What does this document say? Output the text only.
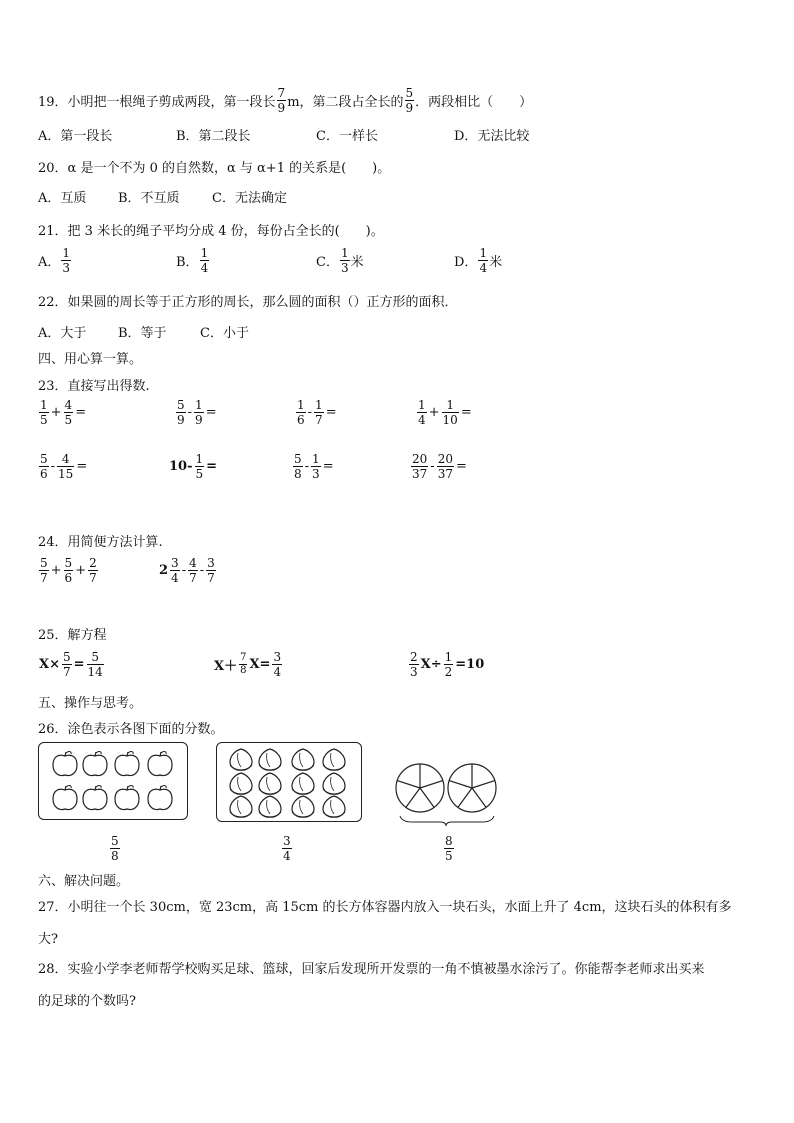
19．小明把一根绳子剪成两段，第一段长 $\frac{7}{9}$ m，第二段占全长的 $\frac{5}{9}$ ．两段相比（　　）
A．第一段长	B．第二段长	C．一样长	D．无法比较
20．α 是一个不为 0 的自然数，α 与 α+1 的关系是(　　)。
A．互质 B．不互质 C．无法确定
21．把 3 米长的绳子平均分成 4 份，每份占全长的(　　)。
A． $\frac{1}{3}$	B． $\frac{1}{4}$	C． $\frac{1}{3}$ 米	D． $\frac{1}{4}$ 米
22．如果圆的周长等于正方形的周长，那么圆的面积（）正方形的面积．
A．大于 B．等于	C．小于
四、用心算一算。
23．直接写出得数.
$\frac{1}{5} + \frac{4}{5}$ =	$\frac{5}{9} - \frac{1}{9}$ =	$\frac{1}{6} - \frac{1}{7}$ =	$\frac{1}{4} + \frac{1}{10}$ =
$\frac{5}{6} - \frac{4}{15}$ =	$10- \frac{1}{5}$ =	$\frac{5}{8} - \frac{1}{3}$ =	$\frac{20}{37} - \frac{20}{37}$ =
24．用简便方法计算.
$\frac{5}{7} + \frac{5}{6} + \frac{2}{7}$	$2 \frac{3}{4} - \frac{4}{7} - \frac{3}{7}$
25．解方程
$X\times \frac{5}{7} = \frac{5}{14}$	$X+ \frac{7}{8} X= \frac{3}{4}$	$\frac{2}{3} X\div \frac{1}{2} =10$
五、操作与思考。
26．涂色表示各图下面的分数。
$\frac{5}{8}$	$\frac{3}{4}$	$\frac{8}{5}$
六、解决问题。
27．小明往一个长 30cm，宽 23cm，高 15cm 的长方体容器内放入一块石头，水面上升了 4cm，这块石头的体积有多
大?
28．实验小学李老师帮学校购买足球、篮球，回家后发现所开发票的一角不慎被墨水涂污了。你能帮李老师求出买来
的足球的个数吗?
